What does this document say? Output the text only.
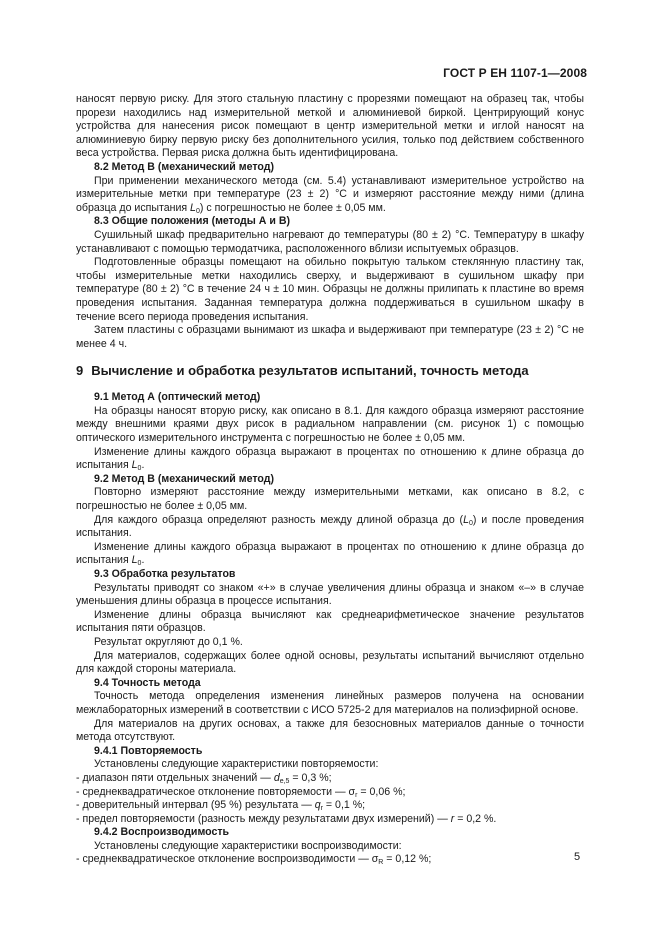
ГОСТ Р ЕН 1107-1—2008

наносят первую риску. Для этого стальную пластину с прорезями помещают на образец так, чтобы прорези находились над измерительной меткой и алюминиевой биркой. Центрирующий конус устройства для нанесения рисок помещают в центр измерительной метки и иглой наносят на алюминиевую бирку первую риску без дополнительного усилия, только под действием собственного веса устройства. Первая риска должна быть идентифицирована.

8.2 Метод В (механический метод)

При применении механического метода (см. 5.4) устанавливают измерительное устройство на измерительные метки при температуре (23 ± 2) °С и измеряют расстояние между ними (длина образца до испытания $L_0$) с погрешностью не более ± 0,05 мм.

8.3 Общие положения (методы А и В)

Сушильный шкаф предварительно нагревают до температуры (80 ± 2) °С. Температуру в шкафу устанавливают с помощью термодатчика, расположенного вблизи испытуемых образцов.

Подготовленные образцы помещают на обильно покрытую тальком стеклянную пластину так, чтобы измерительные метки находились сверху, и выдерживают в сушильном шкафу при температуре (80 ± 2) °С в течение 24 ч ± 10 мин. Образцы не должны прилипать к пластине во время проведения испытания. Заданная температура должна поддерживаться в сушильном шкафу в течение всего периода проведения испытания.

Затем пластины с образцами вынимают из шкафа и выдерживают при температуре (23 ± 2) °С не менее 4 ч.

9 Вычисление и обработка результатов испытаний, точность метода

9.1 Метод А (оптический метод)

На образцы наносят вторую риску, как описано в 8.1. Для каждого образца измеряют расстояние между внешними краями двух рисок в радиальном направлении (см. рисунок 1) с помощью оптического измерительного инструмента с погрешностью не более ± 0,05 мм.

Изменение длины каждого образца выражают в процентах по отношению к длине образца до испытания $L_0$.

9.2 Метод В (механический метод)

Повторно измеряют расстояние между измерительными метками, как описано в 8.2, с погрешностью не более ± 0,05 мм.

Для каждого образца определяют разность между длиной образца до $(L_0)$ и после проведения испытания.

Изменение длины каждого образца выражают в процентах по отношению к длине образца до испытания $L_0$.

9.3 Обработка результатов

Результаты приводят со знаком «+» в случае увеличения длины образца и знаком «–» в случае уменьшения длины образца в процессе испытания.

Изменение длины образца вычисляют как среднеарифметическое значение результатов испытания пяти образцов.

Результат округляют до 0,1 %.

Для материалов, содержащих более одной основы, результаты испытаний вычисляют отдельно для каждой стороны материала.

9.4 Точность метода

Точность метода определения изменения линейных размеров получена на основании межлабораторных измерений в соответствии с ИСО 5725-2 для материалов на полиэфирной основе.

Для материалов на других основах, а также для безосновных материалов данные о точности метода отсутствуют.

9.4.1 Повторяемость

Установлены следующие характеристики повторяемости:

- диапазон пяти отдельных значений — $d_{e,5} = 0,3$ %;
- среднеквадратическое отклонение повторяемости — $\sigma_r = 0,06$ %;
- доверительный интервал (95 %) результата — $q_r = 0,1$ %;
- предел повторяемости (разность между результатами двух измерений) — r = 0,2 %.

9.4.2 Воспроизводимость

Установлены следующие характеристики воспроизводимости:

- среднеквадратическое отклонение воспроизводимости — $\sigma_R = 0,12$ %;	5
